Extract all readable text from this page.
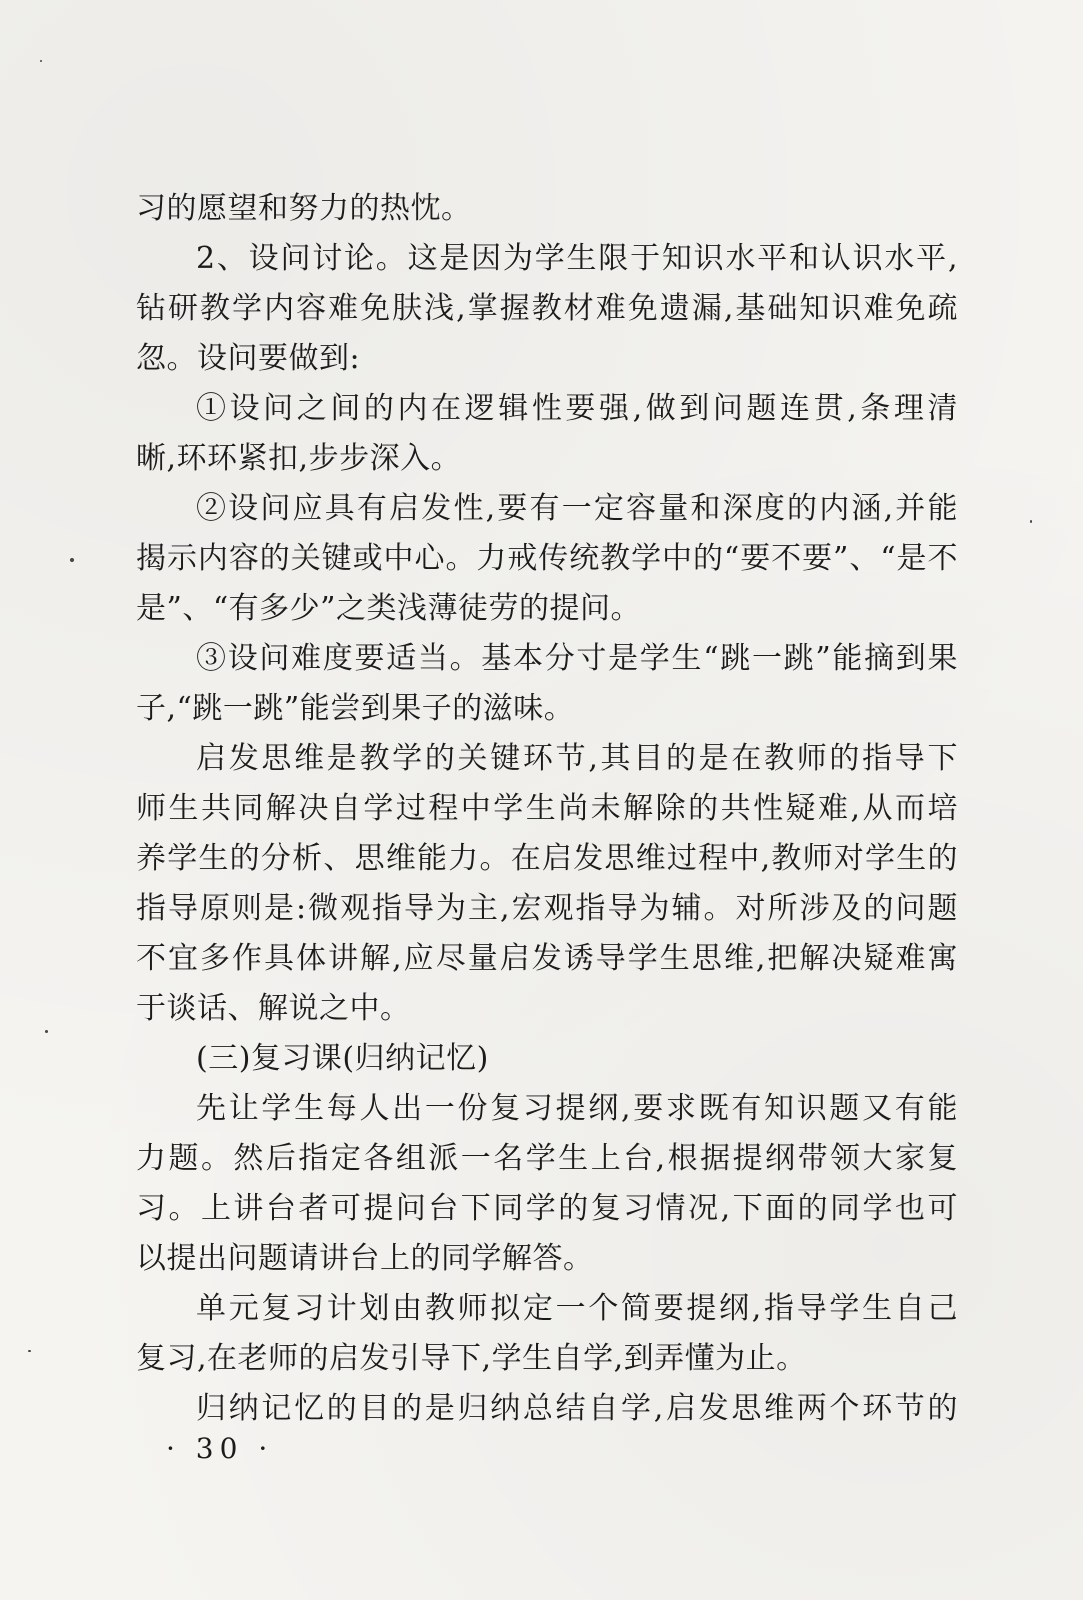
习的愿望和努力的热忱。
2、设问讨论。这是因为学生限于知识水平和认识水平,
钻研教学内容难免肤浅,掌握教材难免遗漏,基础知识难免疏
忽。设问要做到:
①设问之间的内在逻辑性要强,做到问题连贯,条理清
晰,环环紧扣,步步深入。
②设问应具有启发性,要有一定容量和深度的内涵,并能
揭示内容的关键或中心。力戒传统教学中的“要不要”、“是不
是”、“有多少”之类浅薄徒劳的提问。
③设问难度要适当。基本分寸是学生“跳一跳”能摘到果
子,“跳一跳”能尝到果子的滋味。
启发思维是教学的关键环节,其目的是在教师的指导下
师生共同解决自学过程中学生尚未解除的共性疑难,从而培
养学生的分析、思维能力。在启发思维过程中,教师对学生的
指导原则是:微观指导为主,宏观指导为辅。对所涉及的问题
不宜多作具体讲解,应尽量启发诱导学生思维,把解决疑难寓
于谈话、解说之中。
(三)复习课(归纳记忆)
先让学生每人出一份复习提纲,要求既有知识题又有能
力题。然后指定各组派一名学生上台,根据提纲带领大家复
习。上讲台者可提问台下同学的复习情况,下面的同学也可
以提出问题请讲台上的同学解答。
单元复习计划由教师拟定一个简要提纲,指导学生自己
复习,在老师的启发引导下,学生自学,到弄懂为止。
归纳记忆的目的是归纳总结自学,启发思维两个环节的
· 30 ·
